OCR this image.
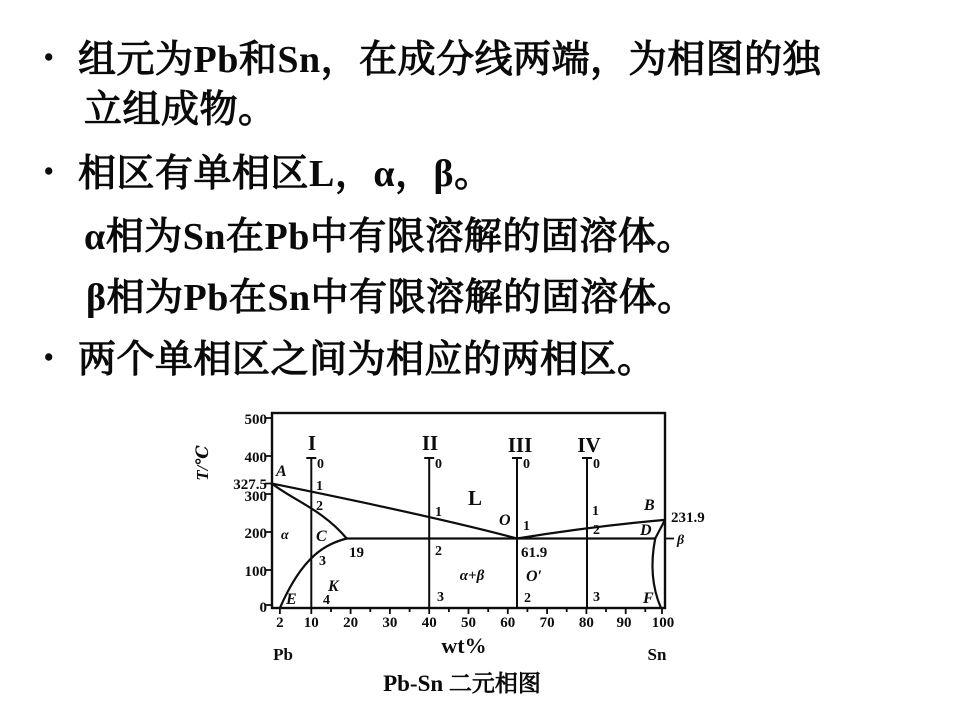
• 组元为Pb和Sn，在成分线两端，为相图的独
立组成物。
• 相区有单相区L，α，β。
α相为Sn在Pb中有限溶解的固溶体。
β相为Pb在Sn中有限溶解的固溶体。
• 两个单相区之间为相应的两相区。
I	II	III IV
0
1
2
3
4
0
1
2
3
0
1
2
0
1
2
3
500
400
300
200
100
0
327.5
231.9
2 10 20 30 40 50 60 70 80 90 100
T/℃
wt%
Pb	Sn
A
B
C	D
E	F
K
O
O′
L
α
α+β
β
19	61.9
Pb-Sn 二元相图
